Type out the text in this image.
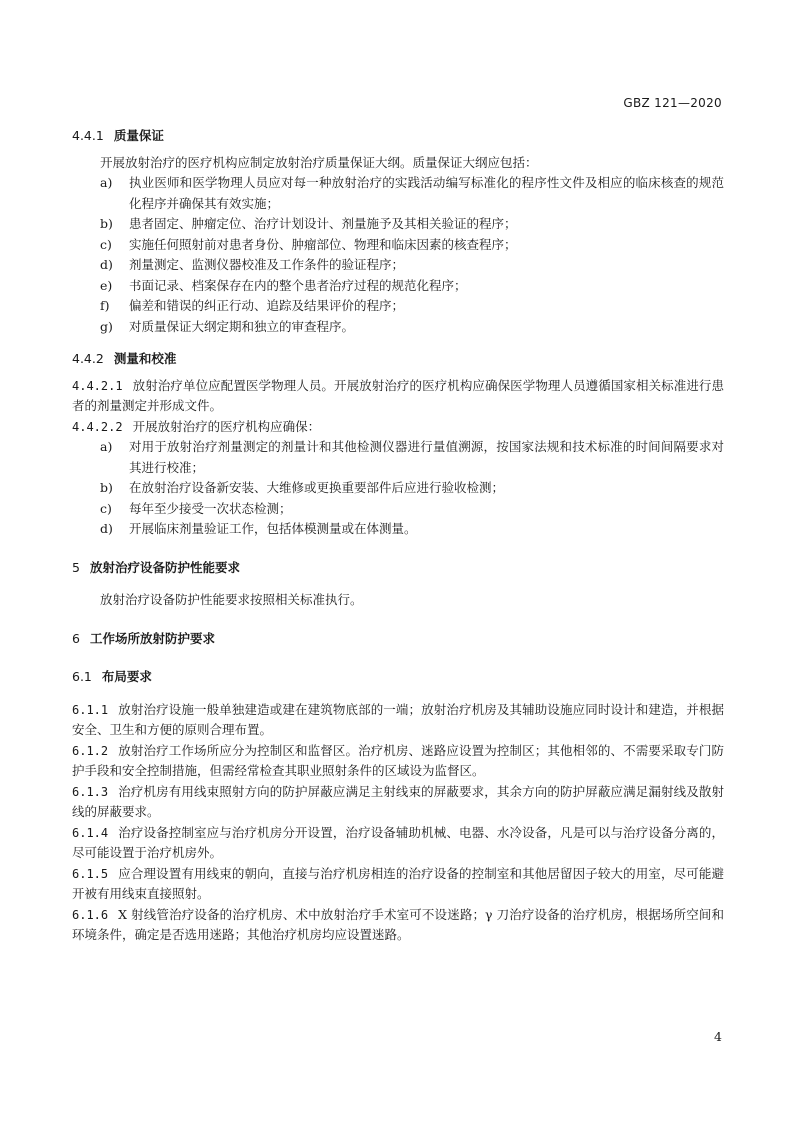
GBZ 121—2020
4.4.1 质量保证

开展放射治疗的医疗机构应制定放射治疗质量保证大纲。质量保证大纲应包括：

a)	执业医师和医学物理人员应对每一种放射治疗的实践活动编写标准化的程序性文件及相应的临床核查的规范化程序并确保其有效实施；
b)	患者固定、肿瘤定位、治疗计划设计、剂量施予及其相关验证的程序；
c)	实施任何照射前对患者身份、肿瘤部位、物理和临床因素的核查程序；
d)	剂量测定、监测仪器校准及工作条件的验证程序；
e)	书面记录、档案保存在内的整个患者治疗过程的规范化程序；
f)	偏差和错误的纠正行动、追踪及结果评价的程序；
g)	对质量保证大纲定期和独立的审查程序。
4.4.2 测量和校准

4.4.2.1 放射治疗单位应配置医学物理人员。开展放射治疗的医疗机构应确保医学物理人员遵循国家相关标准进行患者的剂量测定并形成文件。

4.4.2.2 开展放射治疗的医疗机构应确保：

a)	对用于放射治疗剂量测定的剂量计和其他检测仪器进行量值溯源，按国家法规和技术标准的时间间隔要求对其进行校准；
b)	在放射治疗设备新安装、大维修或更换重要部件后应进行验收检测；
c)	每年至少接受一次状态检测；
d)	开展临床剂量验证工作，包括体模测量或在体测量。
5 放射治疗设备防护性能要求

放射治疗设备防护性能要求按照相关标准执行。

6 工作场所放射防护要求
6.1 布局要求

6.1.1 放射治疗设施一般单独建造或建在建筑物底部的一端；放射治疗机房及其辅助设施应同时设计和建造，并根据安全、卫生和方便的原则合理布置。

6.1.2 放射治疗工作场所应分为控制区和监督区。治疗机房、迷路应设置为控制区；其他相邻的、不需要采取专门防护手段和安全控制措施，但需经常检查其职业照射条件的区域设为监督区。

6.1.3 治疗机房有用线束照射方向的防护屏蔽应满足主射线束的屏蔽要求，其余方向的防护屏蔽应满足漏射线及散射线的屏蔽要求。

6.1.4 治疗设备控制室应与治疗机房分开设置，治疗设备辅助机械、电器、水冷设备，凡是可以与治疗设备分离的，尽可能设置于治疗机房外。

6.1.5 应合理设置有用线束的朝向，直接与治疗机房相连的治疗设备的控制室和其他居留因子较大的用室，尽可能避开被有用线束直接照射。

6.1.6 X 射线管治疗设备的治疗机房、术中放射治疗手术室可不设迷路；γ 刀治疗设备的治疗机房，根据场所空间和环境条件，确定是否选用迷路；其他治疗机房均应设置迷路。

4
